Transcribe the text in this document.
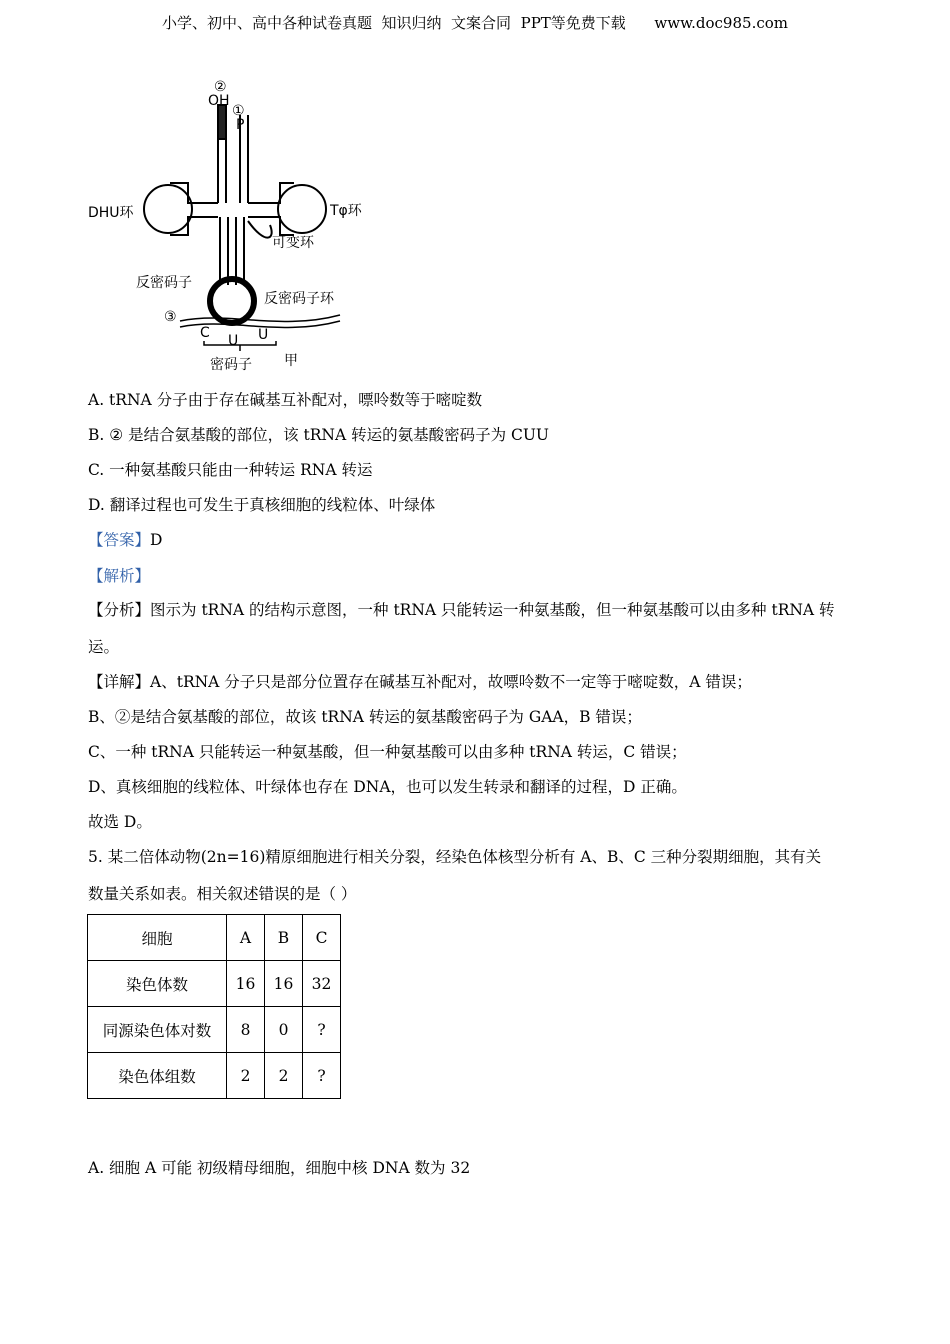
小学、初中、高中各种试卷真题  知识归纳  文案合同  PPT等免费下载      www.doc985.com
②
OH
①
P
DHU环	Tφ环
可变环
反密码子
反密码子环
③
C U U
密码子 甲
A. tRNA 分子由于存在碱基互补配对，嘌呤数等于嘧啶数
B. ② 是结合氨基酸的部位，该 tRNA 转运的氨基酸密码子为 CUU
C. 一种氨基酸只能由一种转运 RNA 转运
D. 翻译过程也可发生于真核细胞的线粒体、叶绿体
【答案】D
【解析】
【分析】图示为 tRNA 的结构示意图，一种 tRNA 只能转运一种氨基酸，但一种氨基酸可以由多种 tRNA 转
运。
【详解】A、tRNA 分子只是部分位置存在碱基互补配对，故嘌呤数不一定等于嘧啶数，A 错误；
B、②是结合氨基酸的部位，故该 tRNA 转运的氨基酸密码子为 GAA，B 错误；
C、一种 tRNA 只能转运一种氨基酸，但一种氨基酸可以由多种 tRNA 转运，C 错误；
D、真核细胞的线粒体、叶绿体也存在 DNA，也可以发生转录和翻译的过程，D 正确。
故选 D。
5. 某二倍体动物(2n=16)精原细胞进行相关分裂，经染色体核型分析有 A、B、C 三种分裂期细胞，其有关
数量关系如表。相关叙述错误的是（ ）
细胞	A	B	C
染色体数	16	16	32
同源染色体对数	8	0	?
染色体组数	2	2	?
A. 细胞 A 可能 初级精母细胞，细胞中核 DNA 数为 32
